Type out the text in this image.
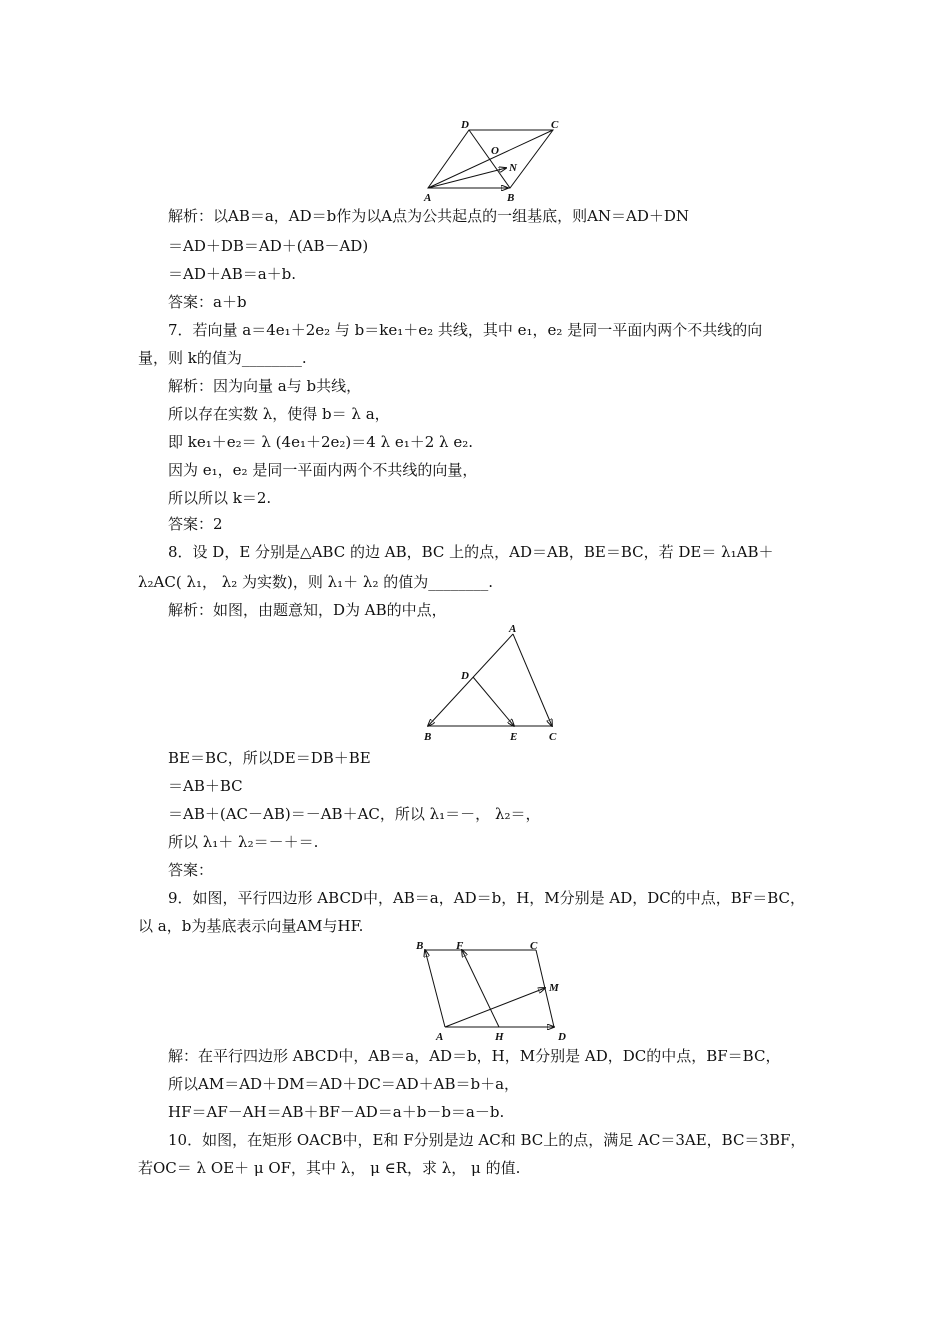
D	C
O
N
A	B
解析：以AB＝a，AD＝b作为以A点为公共起点的一组基底，则AN＝AD＋DN
＝AD＋DB＝AD＋(AB－AD)
＝AD＋AB＝a＋b.
答案：a＋b
7．若向量 a＝4e₁＋2e₂ 与 b＝ke₁＋e₂ 共线，其中 e₁，e₂ 是同一平面内两个不共线的向
量，则 k的值为________.
解析：因为向量 a与 b共线，
所以存在实数 λ，使得 b＝ λ a，
即 ke₁＋e₂＝ λ (4e₁＋2e₂)＝4 λ e₁＋2 λ e₂.
因为 e₁，e₂ 是同一平面内两个不共线的向量，
所以所以 k＝2.
答案：2
8．设 D，E 分别是△ABC 的边 AB，BC 上的点，AD＝AB，BE＝BC，若 DE＝ λ₁AB＋
λ₂AC( λ₁， λ₂ 为实数)，则 λ₁＋ λ₂ 的值为________.
解析：如图，由题意知，D为 AB的中点，
A
D
B	E	C
BE＝BC，所以DE＝DB＋BE
＝AB＋BC
＝AB＋(AC－AB)＝－AB＋AC，所以 λ₁＝－， λ₂＝，
所以 λ₁＋ λ₂＝－＋＝.
答案：
9．如图，平行四边形 ABCD中，AB＝a，AD＝b，H，M分别是 AD，DC的中点，BF＝BC，
以 a，b为基底表示向量AM与HF.
B	F	C
M
A	H	D
解：在平行四边形 ABCD中，AB＝a，AD＝b，H，M分别是 AD，DC的中点，BF＝BC，
所以AM＝AD＋DM＝AD＋DC＝AD＋AB＝b＋a，
HF＝AF－AH＝AB＋BF－AD＝a＋b－b＝a－b.
10．如图，在矩形 OACB中，E和 F分别是边 AC和 BC上的点，满足 AC＝3AE，BC＝3BF，
若OC＝ λ OE＋ μ OF，其中 λ， μ ∈R，求 λ， μ 的值.
